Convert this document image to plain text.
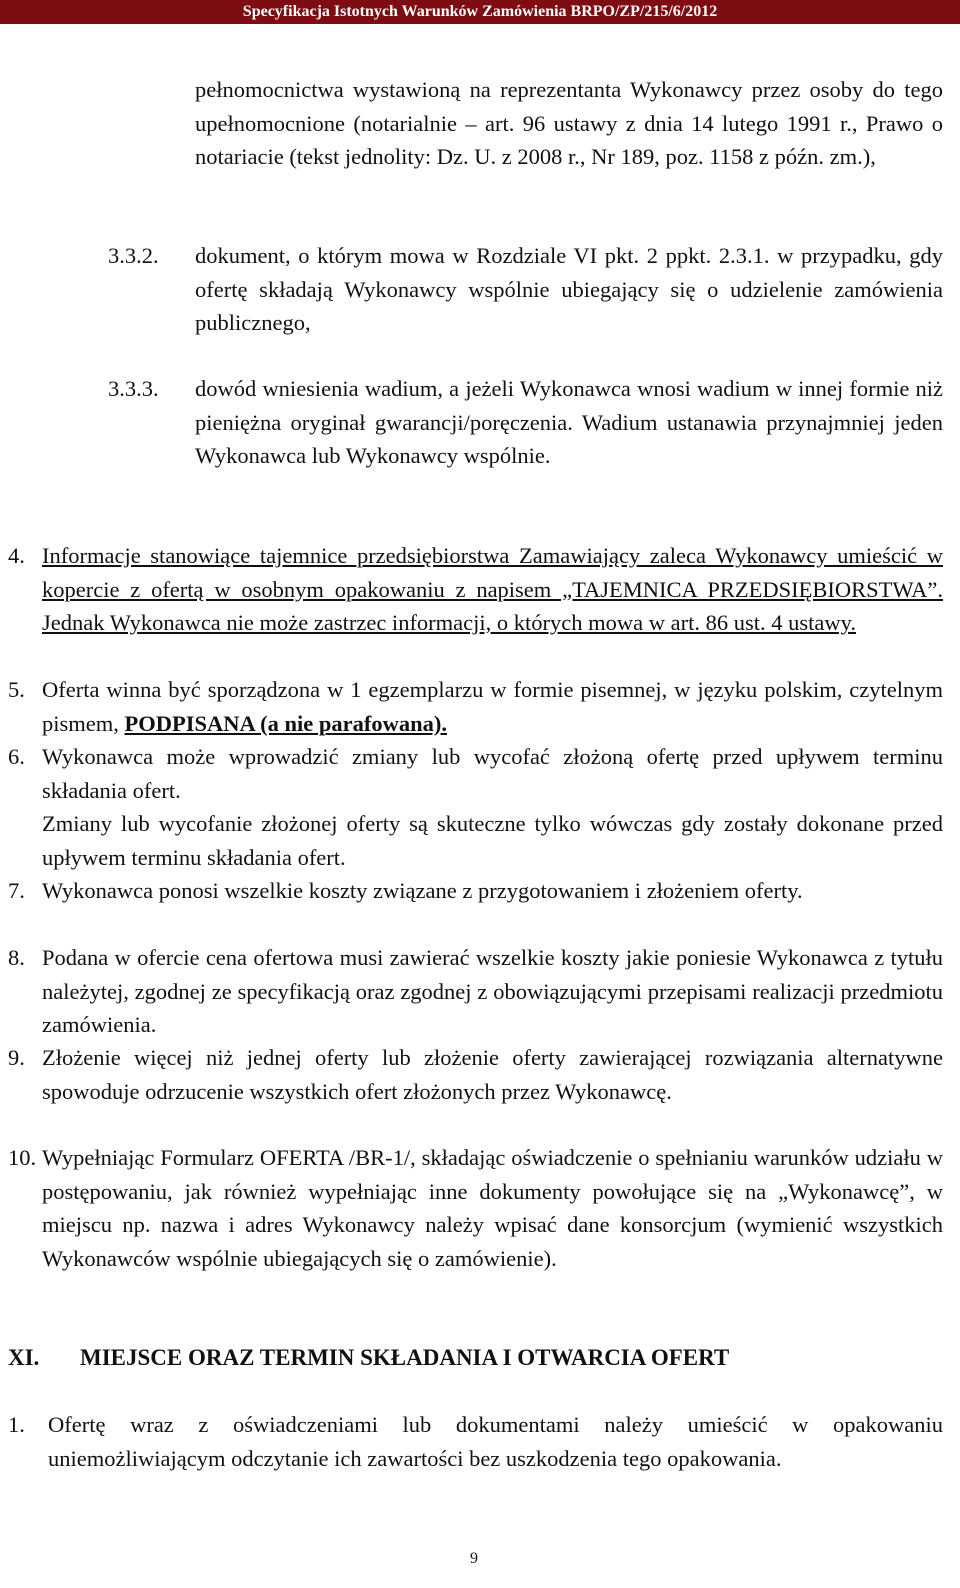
Specyfikacja Istotnych Warunków Zamówienia BRPO/ZP/215/6/2012

pełnomocnictwa wystawioną na reprezentanta Wykonawcy przez osoby do tego upełnomocnione (notarialnie – art. 96 ustawy z dnia 14 lutego 1991 r., Prawo o notariacie (tekst jednolity: Dz. U. z 2008 r., Nr 189, poz. 1158 z późn. zm.),

3.3.2. dokument, o którym mowa w Rozdziale VI pkt. 2 ppkt. 2.3.1. w przypadku, gdy ofertę składają Wykonawcy wspólnie ubiegający się o udzielenie zamówienia publicznego,

3.3.3. dowód wniesienia wadium, a jeżeli Wykonawca wnosi wadium w innej formie niż pieniężna oryginał gwarancji/poręczenia. Wadium ustanawia przynajmniej jeden Wykonawca lub Wykonawcy wspólnie.

4. Informacje stanowiące tajemnice przedsiębiorstwa Zamawiający zaleca Wykonawcy umieścić w kopercie z ofertą w osobnym opakowaniu z napisem „TAJEMNICA PRZEDSIĘBIORSTWA”. Jednak Wykonawca nie może zastrzec informacji, o których mowa w art. 86 ust. 4 ustawy.

5. Oferta winna być sporządzona w 1 egzemplarzu w formie pisemnej, w języku polskim, czytelnym pismem, PODPISANA (a nie parafowana).

6. Wykonawca może wprowadzić zmiany lub wycofać złożoną ofertę przed upływem terminu składania ofert.

Zmiany lub wycofanie złożonej oferty są skuteczne tylko wówczas gdy zostały dokonane przed upływem terminu składania ofert.

7. Wykonawca ponosi wszelkie koszty związane z przygotowaniem i złożeniem oferty.

8. Podana w ofercie cena ofertowa musi zawierać wszelkie koszty jakie poniesie Wykonawca z tytułu należytej, zgodnej ze specyfikacją oraz zgodnej z obowiązującymi przepisami realizacji przedmiotu zamówienia.

9. Złożenie więcej niż jednej oferty lub złożenie oferty zawierającej rozwiązania alternatywne spowoduje odrzucenie wszystkich ofert złożonych przez Wykonawcę.

10. Wypełniając Formularz OFERTA /BR-1/, składając oświadczenie o spełnianiu warunków udziału w postępowaniu, jak również wypełniając inne dokumenty powołujące się na „Wykonawcę”, w miejscu np. nazwa i adres Wykonawcy należy wpisać dane konsorcjum (wymienić wszystkich Wykonawców wspólnie ubiegających się o zamówienie).

XI. MIEJSCE ORAZ TERMIN SKŁADANIA I OTWARCIA OFERT
1. Ofertę wraz z oświadczeniami lub dokumentami należy umieścić w opakowaniu uniemożliwiającym odczytanie ich zawartości bez uszkodzenia tego opakowania.

9
